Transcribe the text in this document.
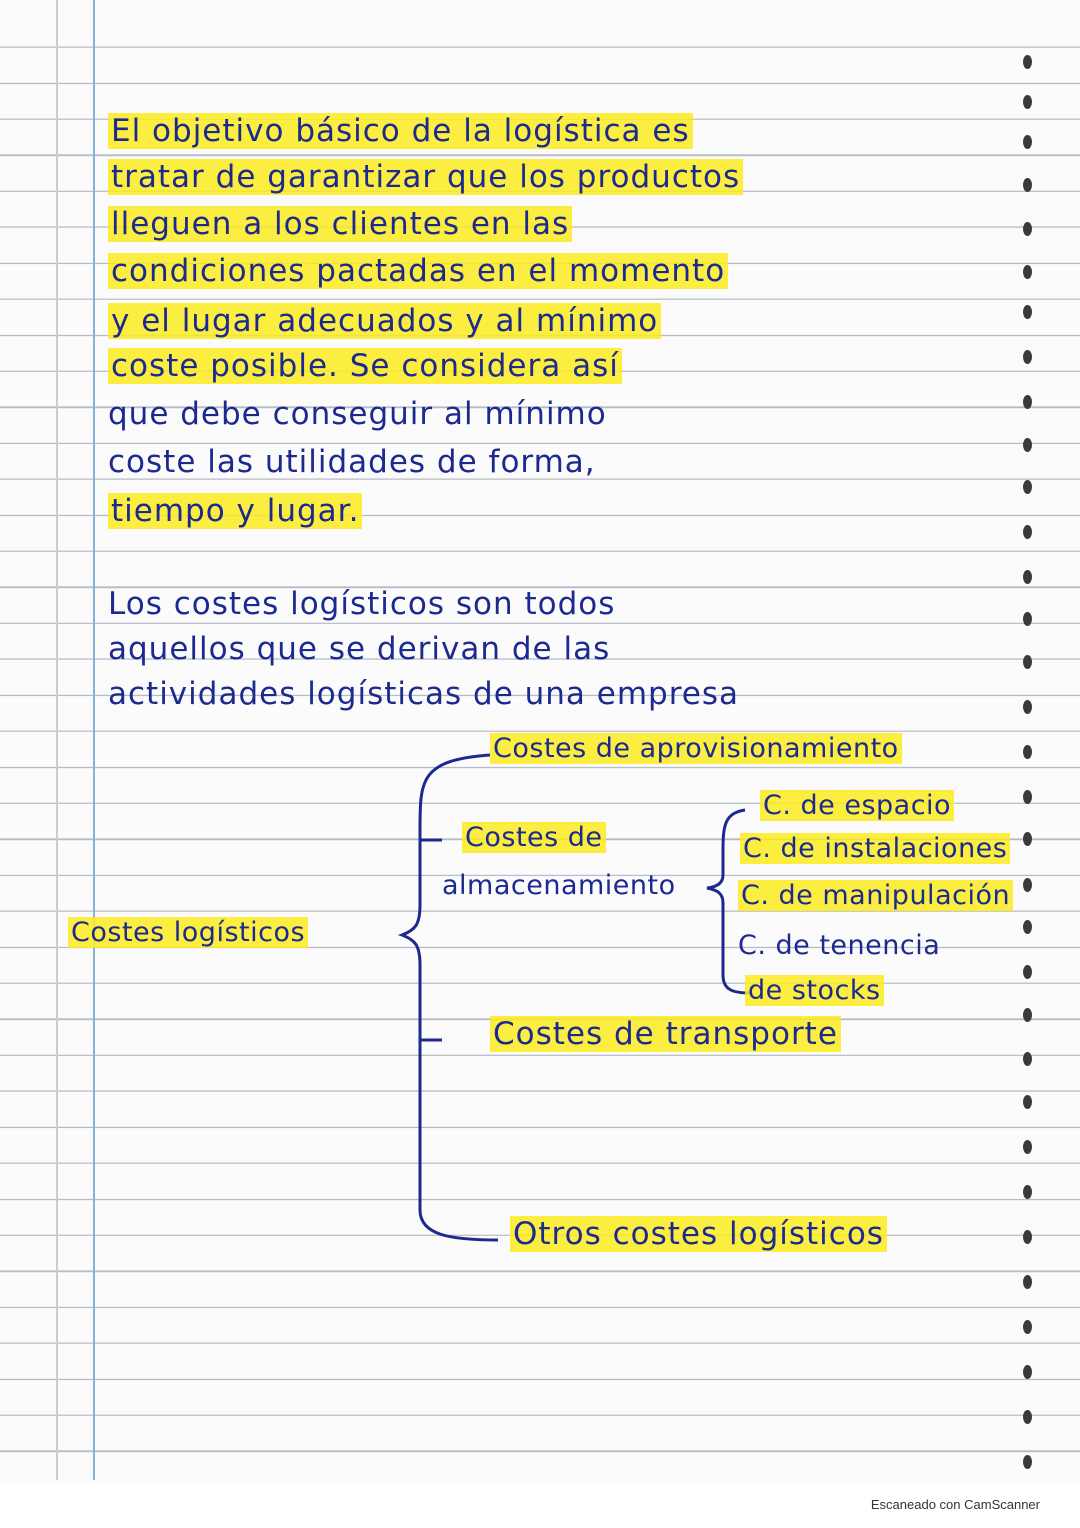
El objetivo básico de la logística es
tratar de garantizar que los productos
lleguen a los clientes en las
condiciones pactadas en el momento
y el lugar adecuados y al mínimo
coste posible. Se considera así
que debe conseguir al mínimo
coste las utilidades de forma,
tiempo y lugar.
Los costes logísticos son todos
aquellos que se derivan de las
actividades logísticas de una empresa
Costes logísticos
Costes de aprovisionamiento
Costes de
almacenamiento
C. de espacio
C. de instalaciones
C. de manipulación
C. de tenencia
de stocks
Costes de transporte
Otros costes logísticos
Escaneado con CamScanner
